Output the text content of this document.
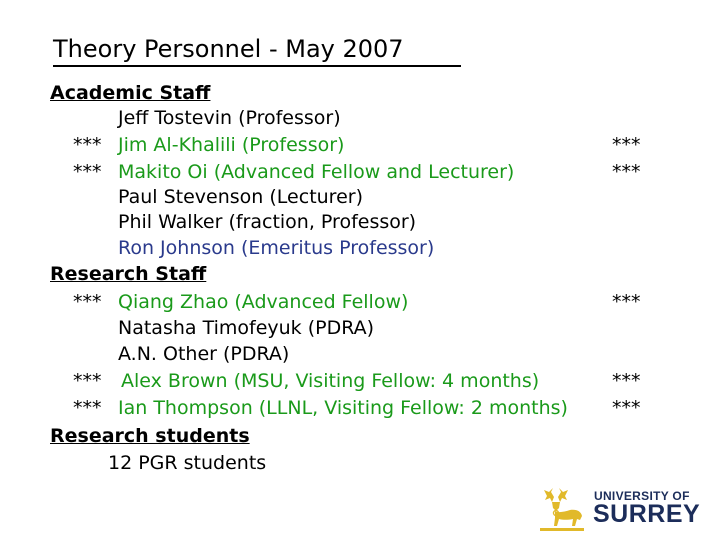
Theory Personnel - May 2007
Academic Staff
Jeff Tostevin (Professor)
*** Jim Al-Khalili (Professor)	***
*** Makito Oi (Advanced Fellow and Lecturer)	***
Paul Stevenson (Lecturer)
Phil Walker (fraction, Professor)
Ron Johnson (Emeritus Professor)
Research Staff
*** Qiang Zhao (Advanced Fellow)	***
Natasha Timofeyuk (PDRA)
A.N. Other (PDRA)
*** Alex Brown (MSU, Visiting Fellow: 4 months)	***
*** Ian Thompson (LLNL, Visiting Fellow: 2 months) ***
Research students
12 PGR students
UNIVERSITY OF
SURREY
